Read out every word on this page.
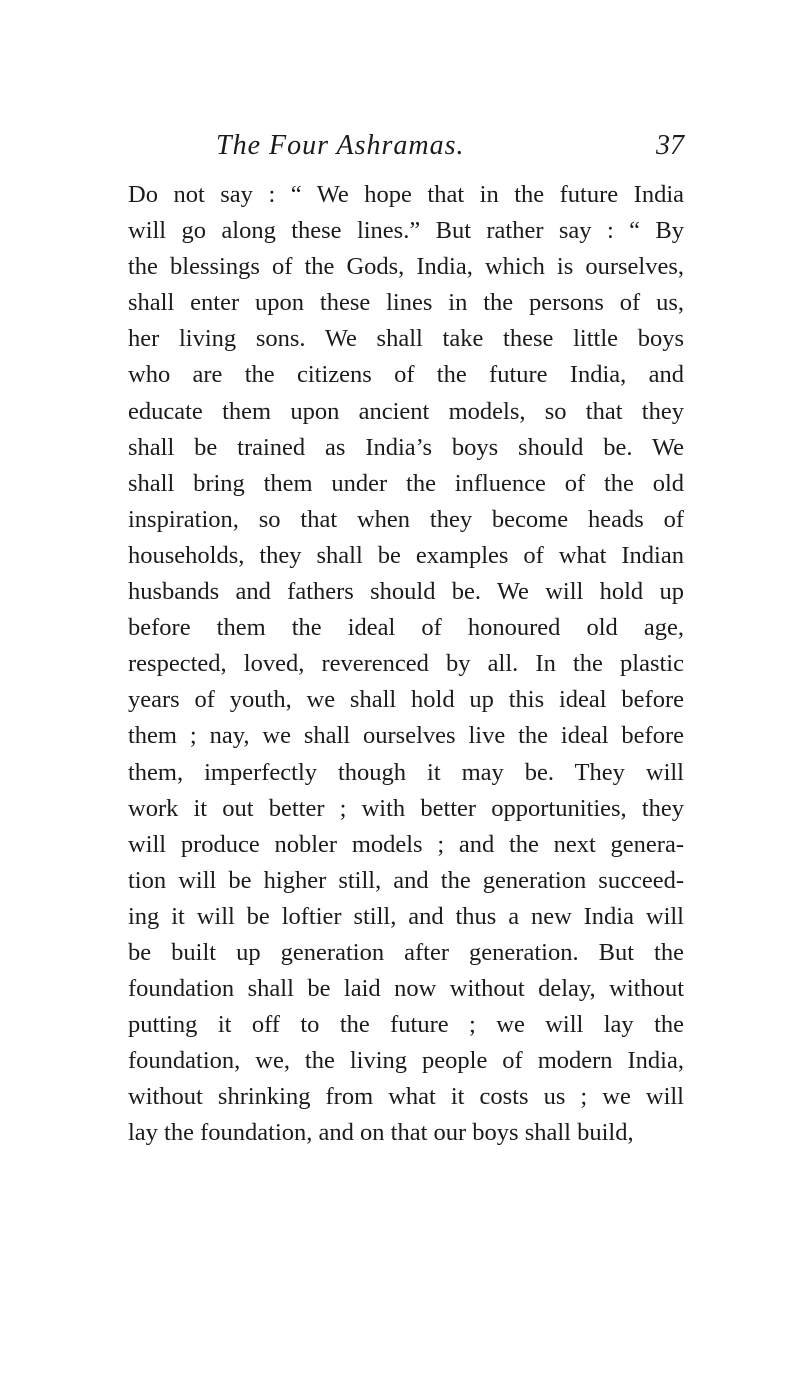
The Four Ashramas.	37
Do not say : “ We hope that in the future India
will go along these lines.” But rather say : “ By
the blessings of the Gods, India, which is ourselves,
shall enter upon these lines in the persons of us,
her living sons. We shall take these little boys
who are the citizens of the future India, and
educate them upon ancient models, so that they
shall be trained as India’s boys should be. We
shall bring them under the influence of the old
inspiration, so that when they become heads of
households, they shall be examples of what Indian
husbands and fathers should be. We will hold up
before them the ideal of honoured old age,
respected, loved, reverenced by all. In the plastic
years of youth, we shall hold up this ideal before
them ; nay, we shall ourselves live the ideal before
them, imperfectly though it may be. They will
work it out better ; with better opportunities, they
will produce nobler models ; and the next genera-
tion will be higher still, and the generation succeed-
ing it will be loftier still, and thus a new India will
be built up generation after generation. But the
foundation shall be laid now without delay, without
putting it off to the future ; we will lay the
foundation, we, the living people of modern India,
without shrinking from what it costs us ; we will
lay the foundation, and on that our boys shall build,
